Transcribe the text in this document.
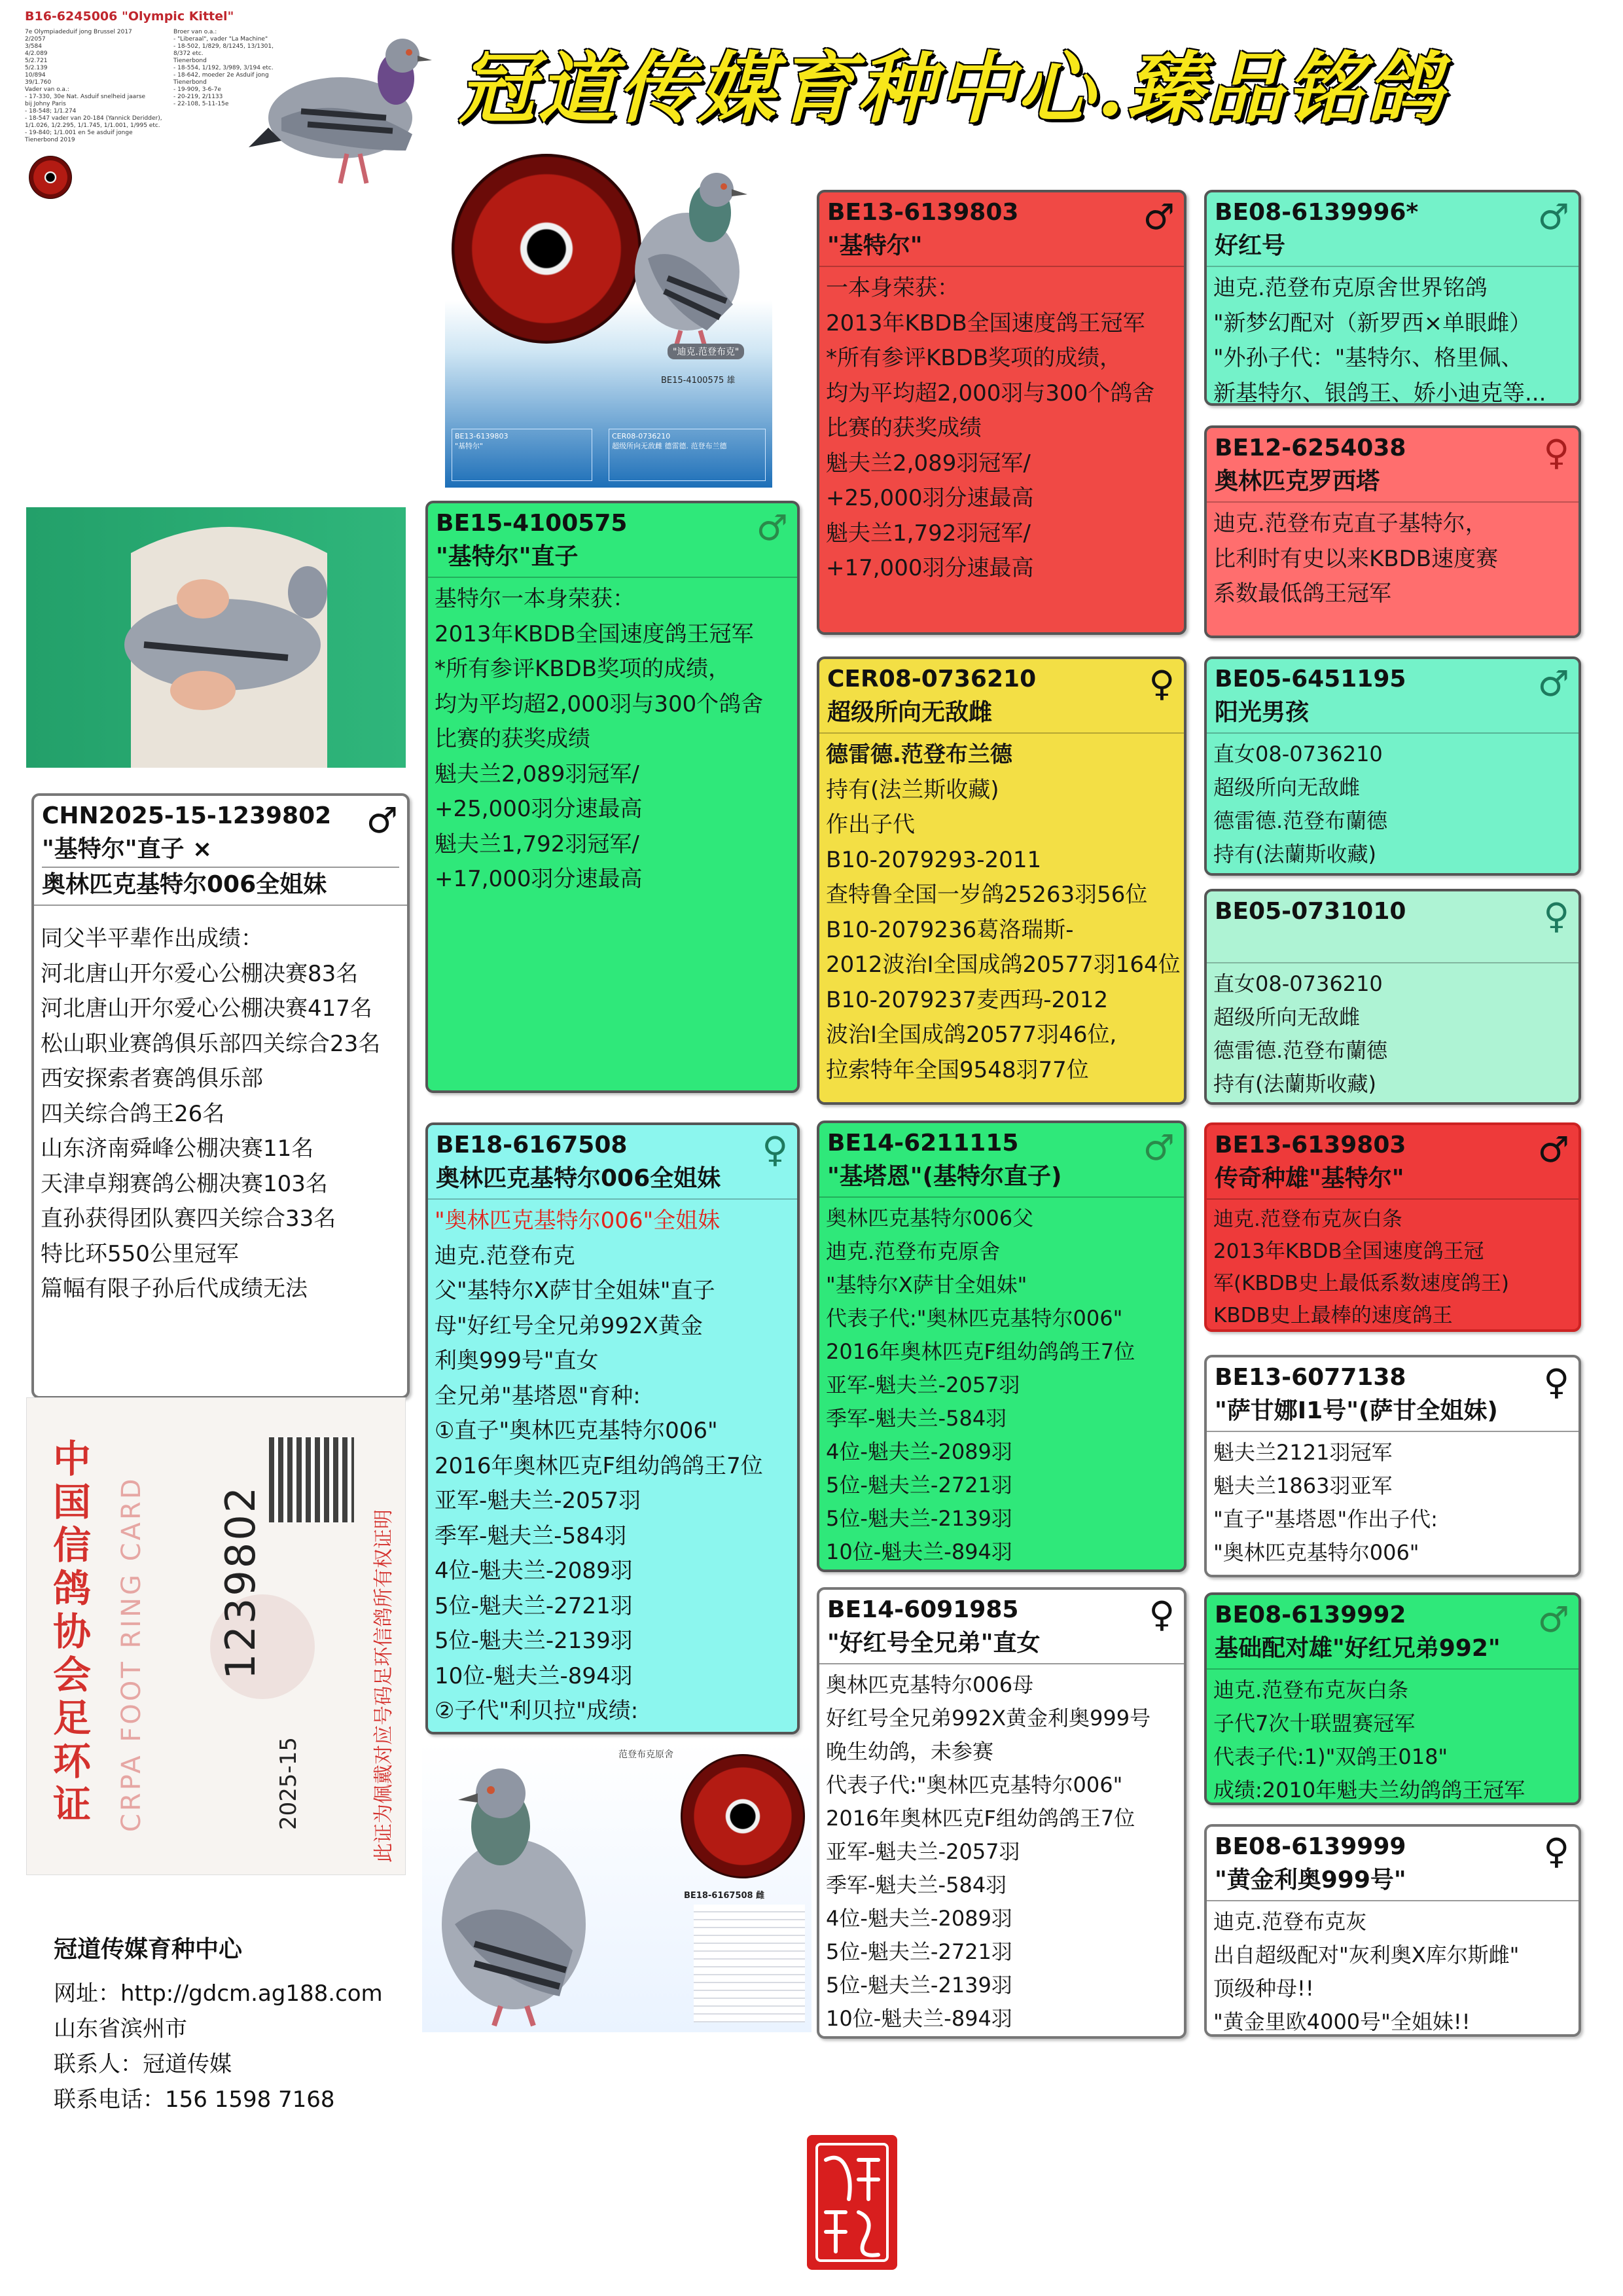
冠道传媒育种中心.臻品铭鸽
B16-6245006 "Olympic Kittel"
7e Olympiadeduif jong Brussel 2017
2/2057
3/584
4/2.089
5/2.721
5/2.139
10/894
39/1.760
Vader van o.a.:
- 17-330, 30e Nat. Asduif snelheid jaarse
bij Johny Paris
- 18-548; 1/1.274
- 18-547 vader van 20-184 (Yannick Deridder),
1/1.026, 1/2.295, 1/1.745, 1/1.001, 1/995 etc.
- 19-840; 1/1.001 en 5e asduif jonge
Tienerbond 2019
Broer van o.a.:
- "Liberaal", vader "La Machine"
- 18-502, 1/829, 8/1245, 13/1301,
8/372 etc.
Tienerbond
- 18-554, 1/192, 3/989, 3/194 etc.
- 18-642, moeder 2e Asduif jong
Tienerbond
- 19-909, 3-6-7e
- 20-219, 2/1133
- 22-108, 5-11-15e
"迪克.范登布克"
BE15-4100575 雄
BE13-6139803
"基特尔"
CER08-0736210
超级所向无敌雌 德雷德. 范登布兰德
BE13-6139803
"基特尔"
♂
一本身荣获：
2013年KBDB全国速度鸽王冠军
*所有参评KBDB奖项的成绩，
均为平均超2,000羽与300个鸽舍
比赛的获奖成绩
魁夫兰2,089羽冠军/
+25,000羽分速最高
魁夫兰1,792羽冠军/
+17,000羽分速最高
BE08-6139996*
好红号
♂
迪克.范登布克原舍世界铭鸽
"新梦幻配对（新罗西×单眼雌）
"外孙子代："基特尔、格里佩、
新基特尔、银鸽王、娇小迪克等...
BE12-6254038
奥林匹克罗西塔
♀
迪克.范登布克直子基特尔，
比利时有史以来KBDB速度赛
系数最低鸽王冠军
BE15-4100575
"基特尔"直子
♂
基特尔一本身荣获：
2013年KBDB全国速度鸽王冠军
*所有参评KBDB奖项的成绩，
均为平均超2,000羽与300个鸽舍
比赛的获奖成绩
魁夫兰2,089羽冠军/
+25,000羽分速最高
魁夫兰1,792羽冠军/
+17,000羽分速最高
CER08-0736210
超级所向无敌雌
♀
德雷德.范登布兰德
持有(法兰斯收藏)
作出子代
B10-2079293-2011
查特鲁全国一岁鸽25263羽56位
B10-2079236葛洛瑞斯-
2012波治I全国成鸽20577羽164位
B10-2079237麦西玛-2012
波治I全国成鸽20577羽46位,
拉索特年全国9548羽77位
BE05-6451195
阳光男孩
♂
直女08-0736210
超级所向无敌雌
德雷德.范登布蘭德
持有(法蘭斯收藏)
BE05-0731010	♀
直女08-0736210
超级所向无敌雌
德雷德.范登布蘭德
持有(法蘭斯收藏)
CHN2025-15-1239802
"基特尔"直子 ×
奥林匹克基特尔006全姐妹
♂
同父半平辈作出成绩：
河北唐山开尔爱心公棚决赛83名
河北唐山开尔爱心公棚决赛417名
松山职业赛鸽俱乐部四关综合23名
西安探索者赛鸽俱乐部
四关综合鸽王26名
山东济南舜峰公棚决赛11名
天津卓翔赛鸽公棚决赛103名
直孙获得团队赛四关综合33名
特比环550公里冠军
篇幅有限子孙后代成绩无法
BE18-6167508
奥林匹克基特尔006全姐妹
♀
"奥林匹克基特尔006"全姐妹
迪克.范登布克
父"基特尔X萨甘全姐妹"直子
母"好红号全兄弟992X黄金
利奥999号"直女
全兄弟"基塔恩"育种:
①直子"奥林匹克基特尔006"
2016年奥林匹克F组幼鸽鸽王7位
亚军-魁夫兰-2057羽
季军-魁夫兰-584羽
4位-魁夫兰-2089羽
5位-魁夫兰-2721羽
5位-魁夫兰-2139羽
10位-魁夫兰-894羽
②子代"利贝拉"成绩:
BE14-6211115
"基塔恩"(基特尔直子)
♂
奥林匹克基特尔006父
迪克.范登布克原舍
"基特尔X萨甘全姐妹"
代表子代:"奥林匹克基特尔006"
2016年奥林匹克F组幼鸽鸽王7位
亚军-魁夫兰-2057羽
季军-魁夫兰-584羽
4位-魁夫兰-2089羽
5位-魁夫兰-2721羽
5位-魁夫兰-2139羽
10位-魁夫兰-894羽
BE13-6139803
传奇种雄"基特尔"
♂
迪克.范登布克灰白条
2013年KBDB全国速度鸽王冠
军(KBDB史上最低系数速度鸽王)
KBDB史上最棒的速度鸽王
BE13-6077138
"萨甘娜I1号"(萨甘全姐妹)
♀
魁夫兰2121羽冠军
魁夫兰1863羽亚军
"直子"基塔恩"作出子代:
"奥林匹克基特尔006"
BE14-6091985
"好红号全兄弟"直女
♀
奥林匹克基特尔006母
好红号全兄弟992X黄金利奥999号
晚生幼鸽，未参赛
代表子代:"奥林匹克基特尔006"
2016年奥林匹克F组幼鸽鸽王7位
亚军-魁夫兰-2057羽
季军-魁夫兰-584羽
4位-魁夫兰-2089羽
5位-魁夫兰-2721羽
5位-魁夫兰-2139羽
10位-魁夫兰-894羽
BE08-6139992
基础配对雄"好红兄弟992"
♂
迪克.范登布克灰白条
子代7次十联盟赛冠军
代表子代:1)"双鸽王018"
成绩:2010年魁夫兰幼鸽鸽王冠军
BE08-6139999
"黄金利奥999号"
♀
迪克.范登布克灰
出自超级配对"灰利奥X库尔斯雌"
顶级种母!!
"黄金里欧4000号"全姐妹!!
中国信鸽协会足环证 CRPA FOOT RING CARD 1239802
2025-15	此证为佩戴对应号码足环信鸽所有权证明	范登布克原舍
BE18-6167508 雌
冠道传媒育种中心
网址：http://gdcm.ag188.com
山东省滨州市
联系人：冠道传媒
联系电话：156 1598 7168
